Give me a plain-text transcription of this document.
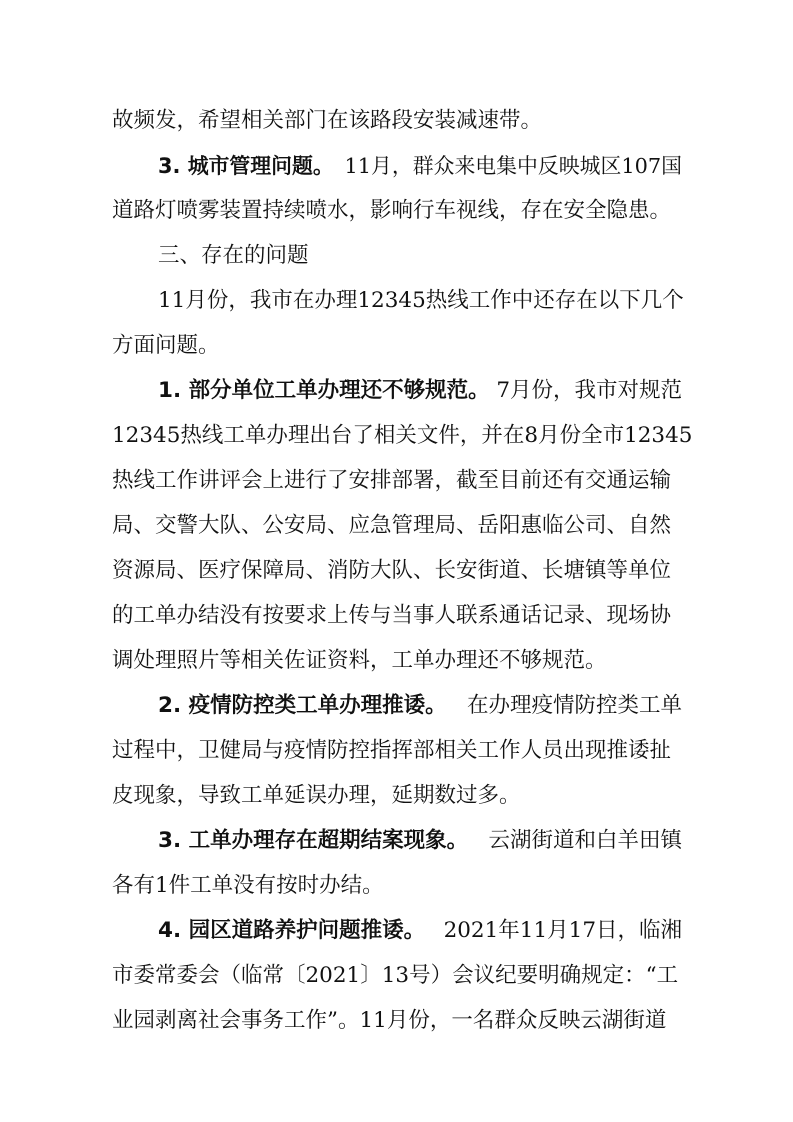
故频发，希望相关部门在该路段安装减速带。
3. 城市管理问题。 11月，群众来电集中反映城区107国
道路灯喷雾装置持续喷水，影响行车视线，存在安全隐患。
三、存在的问题
11月份，我市在办理12345热线工作中还存在以下几个
方面问题。
1. 部分单位工单办理还不够规范。 7月份，我市对规范
12345热线工单办理出台了相关文件，并在8月份全市12345
热线工作讲评会上进行了安排部署，截至目前还有交通运输
局、交警大队、公安局、应急管理局、岳阳惠临公司、自然
资源局、医疗保障局、消防大队、长安街道、长塘镇等单位
的工单办结没有按要求上传与当事人联系通话记录、现场协
调处理照片等相关佐证资料，工单办理还不够规范。
2. 疫情防控类工单办理推诿。 在办理疫情防控类工单
过程中，卫健局与疫情防控指挥部相关工作人员出现推诿扯
皮现象，导致工单延误办理，延期数过多。
3. 工单办理存在超期结案现象。 云湖街道和白羊田镇
各有1件工单没有按时办结。
4. 园区道路养护问题推诿。 2021年11月17日，临湘
市委常委会（临常〔2021〕13号）会议纪要明确规定：“工
业园剥离社会事务工作”。11月份，一名群众反映云湖街道
